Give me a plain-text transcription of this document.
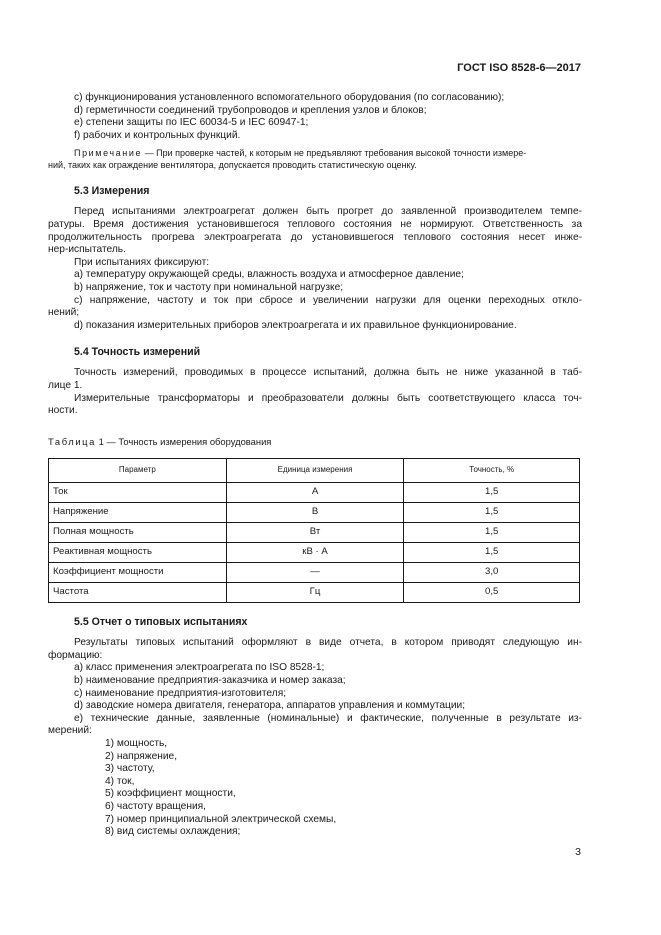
ГОСТ ISO 8528-6—2017

c) функционирования установленного вспомогательного оборудования (по согласованию);

d) герметичности соединений трубопроводов и крепления узлов и блоков;

e) степени защиты по IEC 60034-5 и IEC 60947-1;

f) рабочих и контрольных функций.

Примечание — При проверке частей, к которым не предъявляют требования высокой точности измере-

ний, таких как ограждение вентилятора, допускается проводить статистическую оценку.

5.3 Измерения

Перед испытаниями электроагрегат должен быть прогрет до заявленной производителем темпе-

ратуры. Время достижения установившегося теплового состояния не нормируют. Ответственность за

продолжительность прогрева электроагрегата до установившегося теплового состояния несет инже-

нер-испытатель.

При испытаниях фиксируют:

a) температуру окружающей среды, влажность воздуха и атмосферное давление;

b) напряжение, ток и частоту при номинальной нагрузке;

c) напряжение, частоту и ток при сбросе и увеличении нагрузки для оценки переходных откло-

нений;

d) показания измерительных приборов электроагрегата и их правильное функционирование.

5.4 Точность измерений

Точность измерений, проводимых в процессе испытаний, должна быть не ниже указанной в таб-

лице 1.

Измерительные трансформаторы и преобразователи должны быть соответствующего класса точ-

ности.

Таблица 1 — Точность измерения оборудования
Параметр	Единица измерения	Точность, %
Ток	А	1,5
Напряжение	В	1,5
Полная мощность	Вт	1,5
Реактивная мощность	кВ · А	1,5
Коэффициент мощности	—	3,0
Частота	Гц	0,5
5.5 Отчет о типовых испытаниях

Результаты типовых испытаний оформляют в виде отчета, в котором приводят следующую ин-

формацию:

a) класс применения электроагрегата по ISO 8528-1;

b) наименование предприятия-заказчика и номер заказа;

c) наименование предприятия-изготовителя;

d) заводские номера двигателя, генератора, аппаратов управления и коммутации;

e) технические данные, заявленные (номинальные) и фактические, полученные в результате из-

мерений:

1) мощность,

2) напряжение,

3) частоту,

4) ток,

5) коэффициент мощности,

6) частоту вращения,

7) номер принципиальной электрической схемы,

8) вид системы охлаждения;

3
